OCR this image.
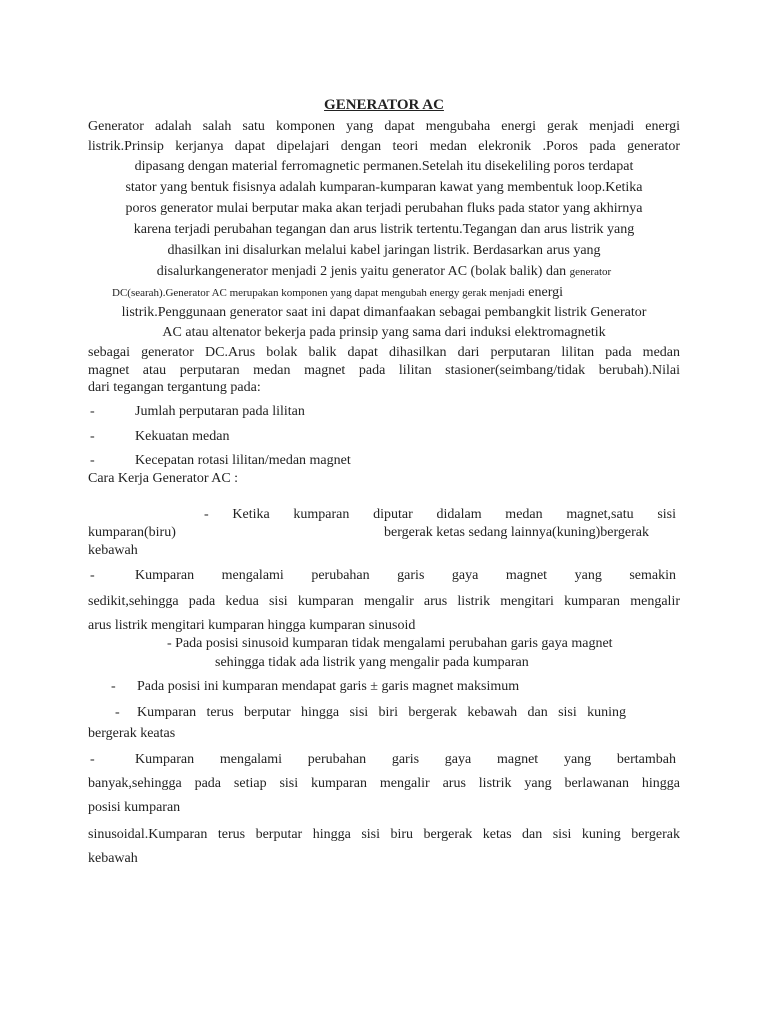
GENERATOR AC
Generator adalah salah satu komponen yang dapat mengubaha energi gerak menjadi energi
listrik.Prinsip kerjanya dapat dipelajari dengan teori medan elekronik .Poros pada generator
dipasang dengan material ferromagnetic permanen.Setelah itu disekeliling poros terdapat
stator yang bentuk fisisnya adalah kumparan-kumparan kawat yang membentuk loop.Ketika
poros generator mulai berputar maka akan terjadi perubahan fluks pada stator yang akhirnya
karena terjadi perubahan tegangan dan arus listrik tertentu.Tegangan dan arus listrik yang
dhasilkan ini disalurkan melalui kabel jaringan listrik. Berdasarkan arus yang
disalurkangenerator menjadi 2 jenis yaitu generator AC (bolak balik) dan generator
DC(searah).Generator AC merupakan komponen yang dapat mengubah energy gerak menjadi energi
listrik.Penggunaan generator saat ini dapat dimanfaakan sebagai pembangkit listrik Generator
AC atau altenator bekerja pada prinsip yang sama dari induksi elektromagnetik
sebagai generator DC.Arus bolak balik dapat dihasilkan dari perputaran lilitan pada medan
magnet atau perputaran medan magnet pada lilitan stasioner(seimbang/tidak berubah).Nilai
dari tegangan tergantung pada:
-	Jumlah perputaran pada lilitan
-	Kekuatan medan
-	Kecepatan rotasi lilitan/medan magnet
Cara Kerja Generator AC :
- Ketika kumparan diputar didalam medan magnet,satu sisi
kumparan(biru)	bergerak ketas sedang lainnya(kuning)bergerak
kebawah
-	Kumparan mengalami perubahan garis gaya magnet yang semakin
sedikit,sehingga pada kedua sisi kumparan mengalir arus listrik mengitari kumparan mengalir
arus listrik mengitari kumparan hingga kumparan sinusoid
- Pada posisi sinusoid kumparan tidak mengalami perubahan garis gaya magnet
sehingga tidak ada listrik yang mengalir pada kumparan
- Pada posisi ini kumparan mendapat garis ± garis magnet maksimum
- Kumparan terus berputar hingga sisi biri bergerak kebawah dan sisi kuning
bergerak keatas
-	Kumparan mengalami perubahan garis gaya magnet yang bertambah
banyak,sehingga pada setiap sisi kumparan mengalir arus listrik yang berlawanan hingga
posisi kumparan
sinusoidal.Kumparan terus berputar hingga sisi biru bergerak ketas dan sisi kuning bergerak
kebawah
